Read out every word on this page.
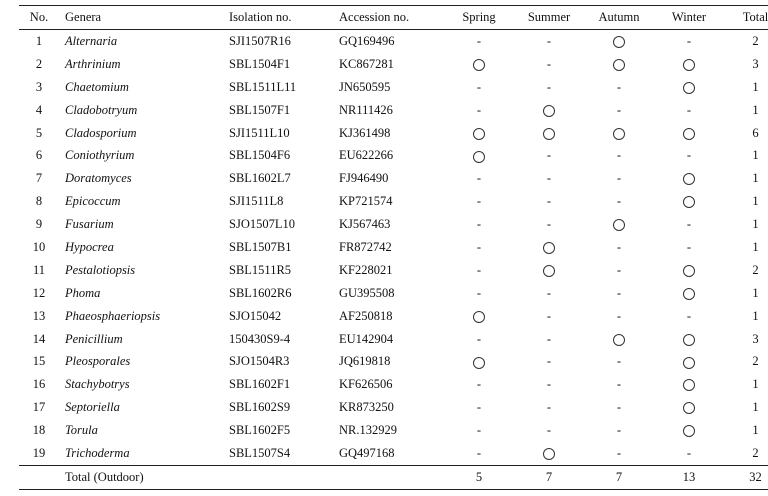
No.	Genera	Isolation no.	Accession no.	Spring	Summer	Autumn	Winter	Total
1	Alternaria	SJI1507R16	GQ169496	-	-		-	2
2	Arthrinium	SBL1504F1	KC867281		-			3
3	Chaetomium	SBL1511L11	JN650595	-	-	-		1
4	Cladobotryum	SBL1507F1	NR111426	-		-	-	1
5	Cladosporium	SJI1511L10	KJ361498					6
6	Coniothyrium	SBL1504F6	EU622266		-	-	-	1
7	Doratomyces	SBL1602L7	FJ946490	-	-	-		1
8	Epicoccum	SJI1511L8	KP721574	-	-	-		1
9	Fusarium	SJO1507L10	KJ567463	-	-		-	1
10	Hypocrea	SBL1507B1	FR872742	-		-	-	1
11	Pestalotiopsis	SBL1511R5	KF228021	-		-		2
12	Phoma	SBL1602R6	GU395508	-	-	-		1
13	Phaeosphaeriopsis	SJO15042	AF250818		-	-	-	1
14	Penicillium	150430S9-4	EU142904	-	-			3
15	Pleosporales	SJO1504R3	JQ619818		-	-		2
16	Stachybotrys	SBL1602F1	KF626506	-	-	-		1
17	Septoriella	SBL1602S9	KR873250	-	-	-		1
18	Torula	SBL1602F5	NR.132929	-	-	-		1
19	Trichoderma	SBL1507S4	GQ497168	-		-	-	2
	Total (Outdoor)			5	7	7	13	32
